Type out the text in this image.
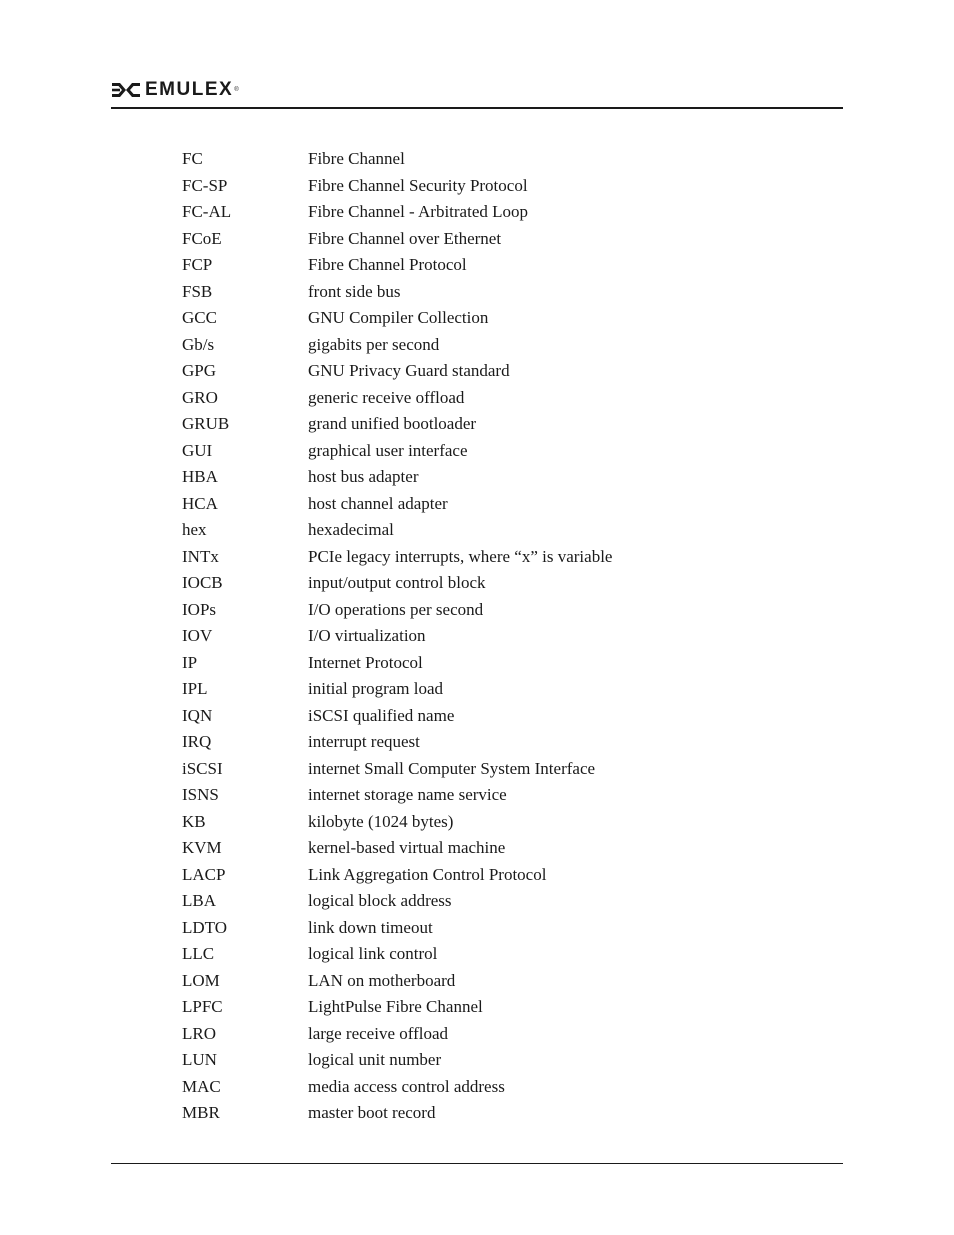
EMULEX ®
FC	Fibre Channel
FC-SP	Fibre Channel Security Protocol
FC-AL	Fibre Channel - Arbitrated Loop
FCoE	Fibre Channel over Ethernet
FCP	Fibre Channel Protocol
FSB	front side bus
GCC	GNU Compiler Collection
Gb/s	gigabits per second
GPG	GNU Privacy Guard standard
GRO	generic receive offload
GRUB	grand unified bootloader
GUI	graphical user interface
HBA	host bus adapter
HCA	host channel adapter
hex	hexadecimal
INTx	PCIe legacy interrupts, where “x” is variable
IOCB	input/output control block
IOPs	I/O operations per second
IOV	I/O virtualization
IP	Internet Protocol
IPL	initial program load
IQN	iSCSI qualified name
IRQ	interrupt request
iSCSI	internet Small Computer System Interface
ISNS	internet storage name service
KB	kilobyte (1024 bytes)
KVM	kernel-based virtual machine
LACP	Link Aggregation Control Protocol
LBA	logical block address
LDTO	link down timeout
LLC	logical link control
LOM	LAN on motherboard
LPFC	LightPulse Fibre Channel
LRO	large receive offload
LUN	logical unit number
MAC	media access control address
MBR	master boot record
